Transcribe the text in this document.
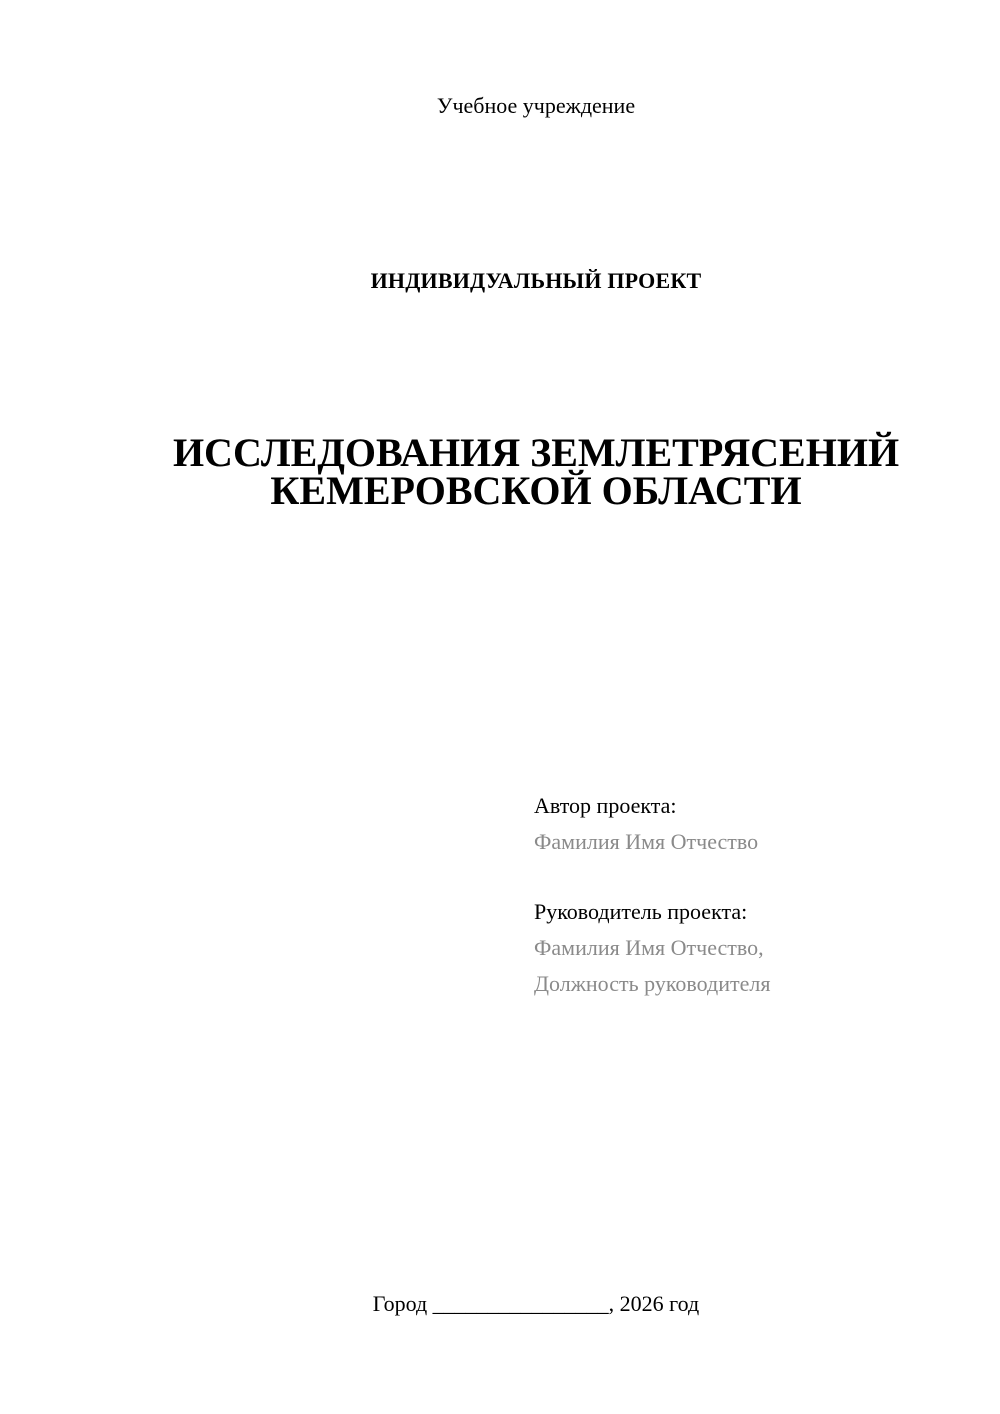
Учебное учреждение
ИНДИВИДУАЛЬНЫЙ ПРОЕКТ
ИССЛЕДОВАНИЯ ЗЕМЛЕТРЯСЕНИЙ
КЕМЕРОВСКОЙ ОБЛАСТИ
Автор проекта:
Фамилия Имя Отчество
Руководитель проекта:
Фамилия Имя Отчество,
Должность руководителя
Город ________________, 2026 год
